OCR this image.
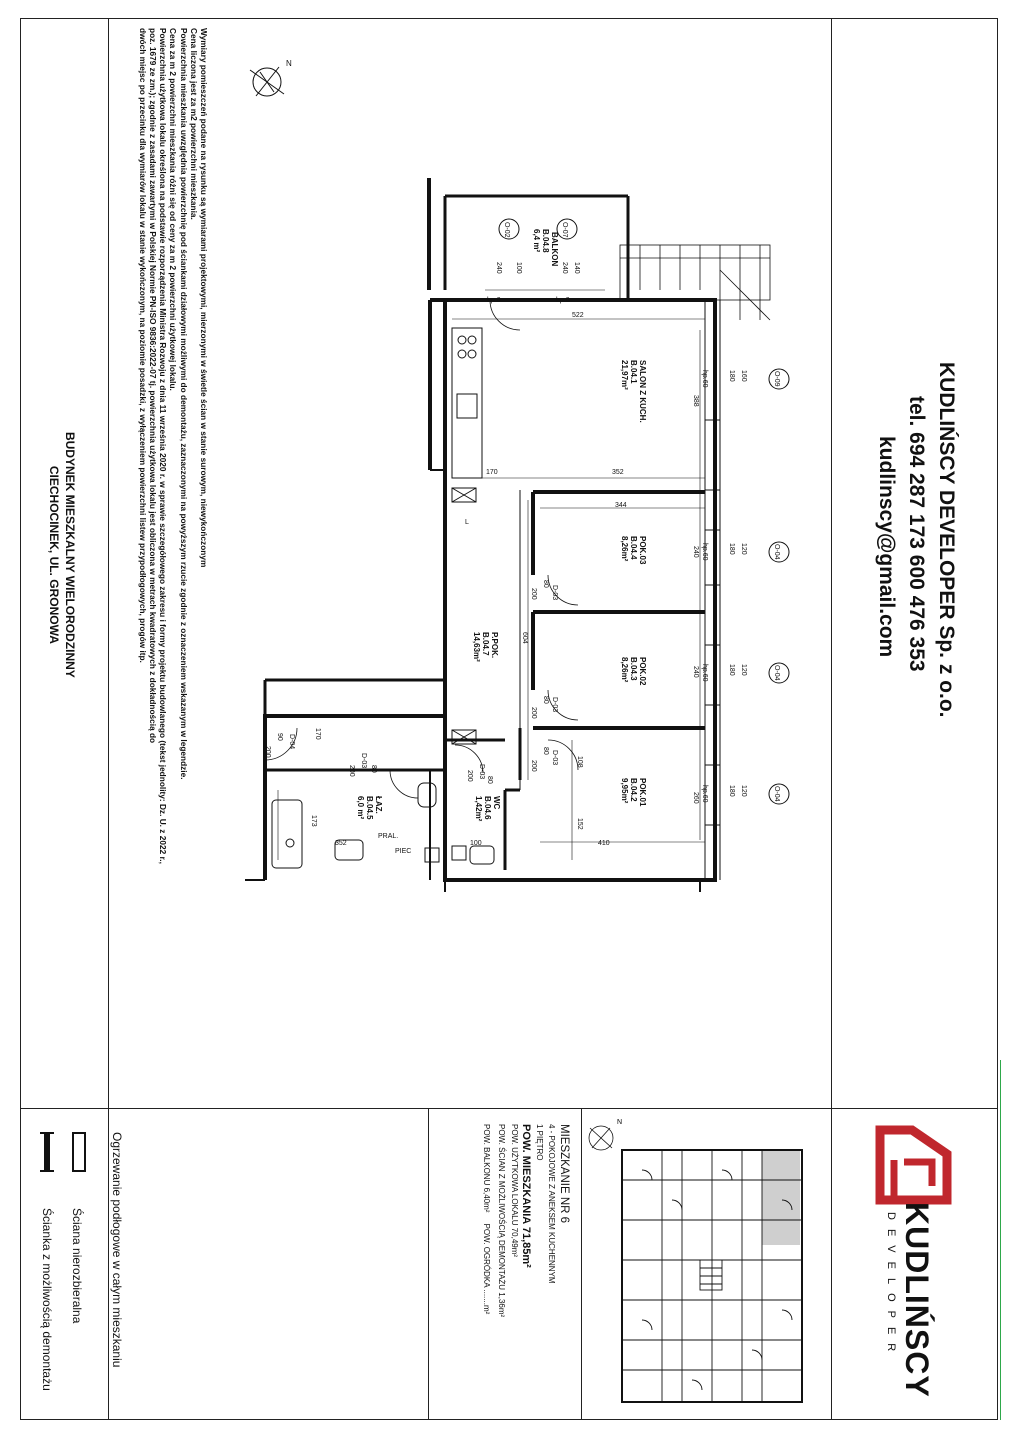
KUDLIŃSCY DEVELOPER Sp. z o.o.
tel. 694 287 173 600 476 353
kudlinscy@gmail.com
Wymiary pomieszczeń podane na rysunku są wymiarami projektowymi, mierzonymi w świetle ścian w stanie surowym, niewykończonym
Cena liczona jest za m2 powierzchni mieszkania.
Powierzchnia mieszkania uwzględnia powierzchnię pod ściankami działowymi możliwymi do demontażu, zaznaczonymi na powyższym rzucie zgodnie z oznaczeniem wskazanym w legendzie.
Cena za m 2 powierzchni mieszkania różni się od ceny za m 2 powierzchni użytkowej lokalu.
Powierzchnia użytkowa lokalu określona na podstawie rozporządzenia Ministra Rozwoju z dnia 11 września 2020 r. w sprawie szczegółowego zakresu i formy projektu budowlanego (tekst jednolity: Dz. U. z 2022 r.,
poz. 1679 ze zm.); zgodnie z zasadami zawartymi w Polskiej Normie PN-ISO 9836:2022-07 tj. powierzchnia użytkowa lokalu jest obliczona w metrach kwadratowych z dokładnością do
dwóch miejsc po przecinku dla wymiarów lokalu w stanie wykończonym, na poziomie posadzki, z wyłączeniem powierzchni listew przypodłogowych, progów itp.
BUDYNEK MIESZKALNY WIELORODZINNY
CIECHOCINEK, UL. GRONOWA
SALON Z KUCH.
B.04.1
21,97m²
POK.03
B.04.4
8,26m²
POK.02
B.04.3
8,26m²
POK.01
B.04.2
9,95m²
P.POK.
B.04.7
14,63m²
ŁAZ.
B.04.5
6,0 m²	WC
B.04.6
1,42m²
BALKON
B.04.8
6,4 m²
O-09
160
180
hp.60
O-04
120
180
hp.60
O-04
120
180
hp.60
O-04
120
180
hp.60
O-02
240 100
O-07
140
240
hp.0	hp.0
D-03
80
200
D-03
80
200
D-03
80
200
D-03
80
200
D-03
80
200
D-04
90
200
522
388
170	352
344
240
240
604
260
410
152
108
170
173
352	100
PRAL.
PIEC
L
N
KUDLIŃSCY
DEVELOPER
N
MIESZKANIE NR 6
4 - POKOJOWE Z ANEKSEM KUCHENNYM
1 PIĘTRO
POW. MIESZKANIA 71,85m²
POW. UŻYTKOWA LOKALU 70,49m²
POW. ŚCIAN Z MOŻLIWOŚCIĄ DEMONTAŻU 1,36m²
POW. BALKONU 6,40m²     POW. OGRÓDKA .......m²
Ogrzewanie podłogowe w całym mieszkaniu
Ściana nierozbieralna
Ścianka z możliwością demontażu
